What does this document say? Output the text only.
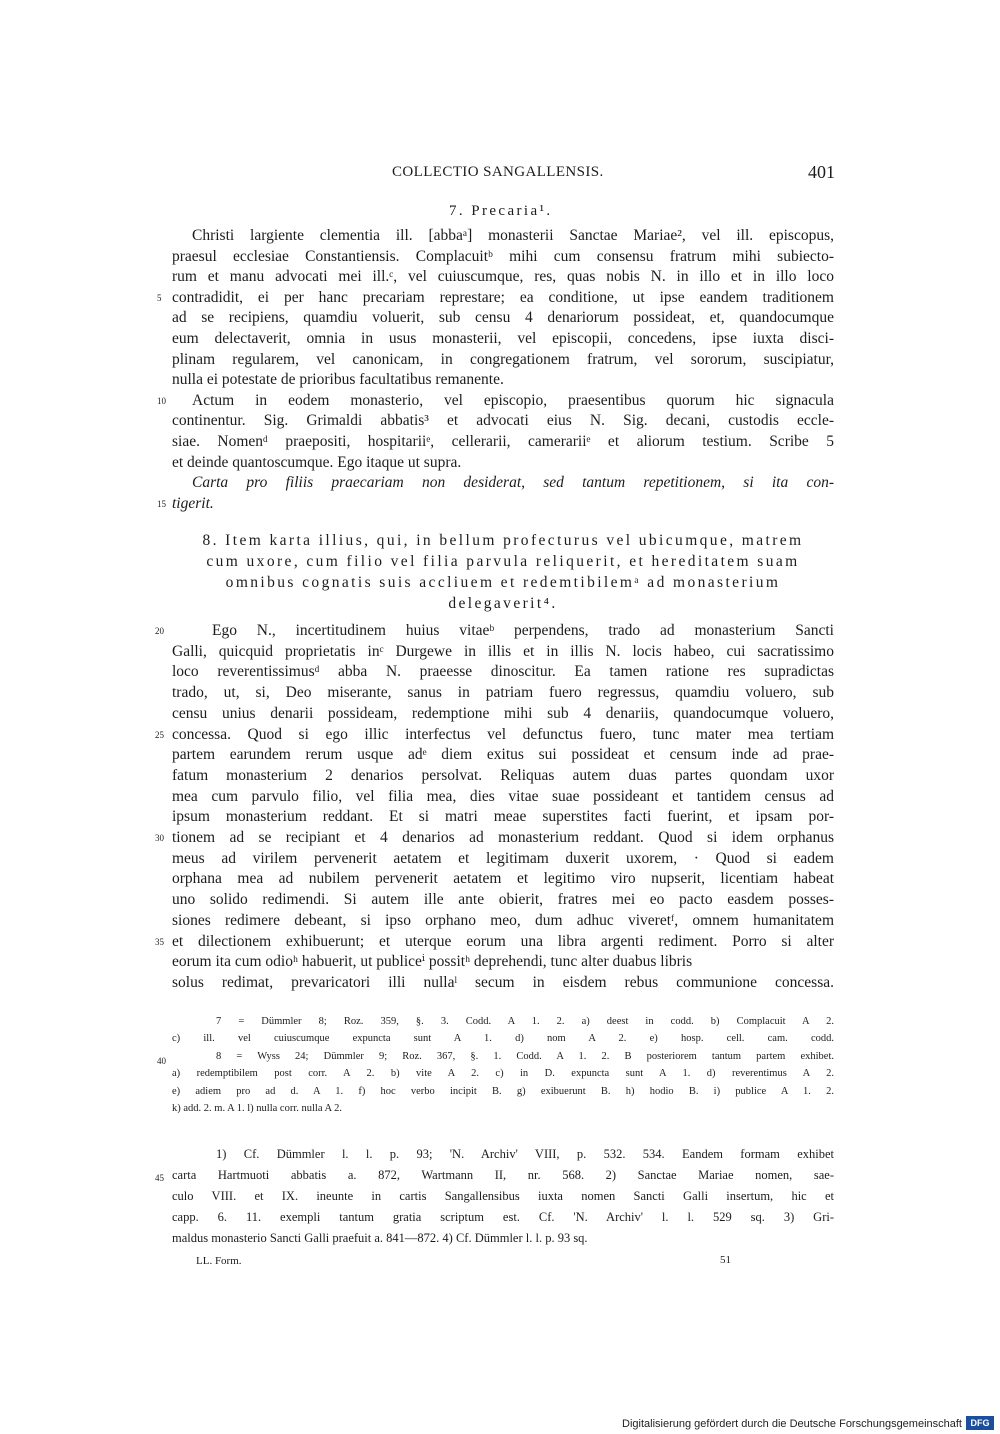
COLLECTIO SANGALLENSIS.	401
7. Precaria¹.
Christi largiente clementia ill. [abbaᵃ] monasterii Sanctae Mariae², vel ill. episcopus,
praesul ecclesiae Constantiensis. Complacuitᵇ mihi cum consensu fratrum mihi subiecto-
rum et manu advocati mei ill.ᶜ, vel cuiuscumque, res, quas nobis N. in illo et in illo loco
contradidit, ei per hanc precariam represtare; ea conditione, ut ipse eandem traditionem
5
ad se recipiens, quamdiu voluerit, sub censu 4 denariorum possideat, et, quandocumque
eum delectaverit, omnia in usus monasterii, vel episcopii, concedens, ipse iuxta disci-
plinam regularem, vel canonicam, in congregationem fratrum, vel sororum, suscipiatur,
nulla ei potestate de prioribus facultatibus remanente.
Actum in eodem monasterio, vel episcopio, praesentibus quorum hic signacula
10
continentur. Sig. Grimaldi abbatis³ et advocati eius N. Sig. decani, custodis eccle-
siae. Nomenᵈ praepositi, hospitariiᵉ, cellerarii, camerariiᵉ et aliorum testium. Scribe 5
et deinde quantoscumque. Ego itaque ut supra.
Carta pro filiis praecariam non desiderat, sed tantum repetitionem, si ita con-
tigerit.
15
8. Item karta illius, qui, in bellum profecturus vel ubicumque, matrem
cum uxore, cum filio vel filia parvula reliquerit, et hereditatem suam
omnibus cognatis suis accliuem et redemtibilemᵃ ad monasterium
delegaverit⁴.
Ego N., incertitudinem huius vitaeᵇ perpendens, trado ad monasterium Sancti
20
Galli, quicquid proprietatis inᶜ Durgewe in illis et in illis N. locis habeo, cui sacratissimo
loco reverentissimusᵈ abba N. praeesse dinoscitur. Ea tamen ratione res supradictas
trado, ut, si, Deo miserante, sanus in patriam fuero regressus, quamdiu voluero, sub
censu unius denarii possideam, redemptione mihi sub 4 denariis, quandocumque voluero,
concessa. Quod si ego illic interfectus vel defunctus fuero, tunc mater mea tertiam
25
partem earundem rerum usque adᵉ diem exitus sui possideat et censum inde ad prae-
fatum monasterium 2 denarios persolvat. Reliquas autem duas partes quondam uxor
mea cum parvulo filio, vel filia mea, dies vitae suae possideant et tantidem census ad
ipsum monasterium reddant. Et si matri meae superstites facti fuerint, et ipsam por-
tionem ad se recipiant et 4 denarios ad monasterium reddant. Quod si idem orphanus
30
meus ad virilem pervenerit aetatem et legitimam duxerit uxorem, · Quod si eadem
orphana mea ad nubilem pervenerit aetatem et legitimo viro nupserit, licentiam habeat
uno solido redimendi. Si autem ille ante obierit, fratres mei eo pacto easdem posses-
siones redimere debeant, si ipso orphano meo, dum adhuc viveretᶠ, omnem humanitatem
et dilectionem exhibuerunt; et uterque eorum una libra argenti rediment. Porro si alter
35
eorum ita cum odioʰ habuerit, ut publiceⁱ possitʰ deprehendi, tunc alter duabus libris
solus redimat, prevaricatori illi nullaˡ secum in eisdem rebus communione concessa.
7 = Dümmler 8; Roz. 359, §. 3. Codd. A 1. 2. a) deest in codd. b) Complacuit A 2.
c) ill. vel cuiuscumque expuncta sunt A 1. d) nom A 2. e) hosp. cell. cam. codd.
8 = Wyss 24; Dümmler 9; Roz. 367, §. 1. Codd. A 1. 2. B posteriorem tantum partem exhibet.
40
a) redemptibilem post corr. A 2. b) vite A 2. c) in D. expuncta sunt A 1. d) reverentimus A 2.
e) adiem pro ad d. A 1. f) hoc verbo incipit B. g) exibuerunt B. h) hodio B. i) publice A 1. 2.
k) add. 2. m. A 1. l) nulla corr. nulla A 2.
1) Cf. Dümmler l. l. p. 93; 'N. Archiv' VIII, p. 532. 534. Eandem formam exhibet
carta Hartmuoti abbatis a. 872, Wartmann II, nr. 568. 2) Sanctae Mariae nomen, sae-
45
culo VIII. et IX. ineunte in cartis Sangallensibus iuxta nomen Sancti Galli insertum, hic et
capp. 6. 11. exempli tantum gratia scriptum est. Cf. 'N. Archiv' l. l. 529 sq. 3) Gri-
maldus monasterio Sancti Galli praefuit a. 841—872. 4) Cf. Dümmler l. l. p. 93 sq.
LL. Form.	51
Digitalisierung gefördert durch die Deutsche Forschungsgemeinschaft DFG
